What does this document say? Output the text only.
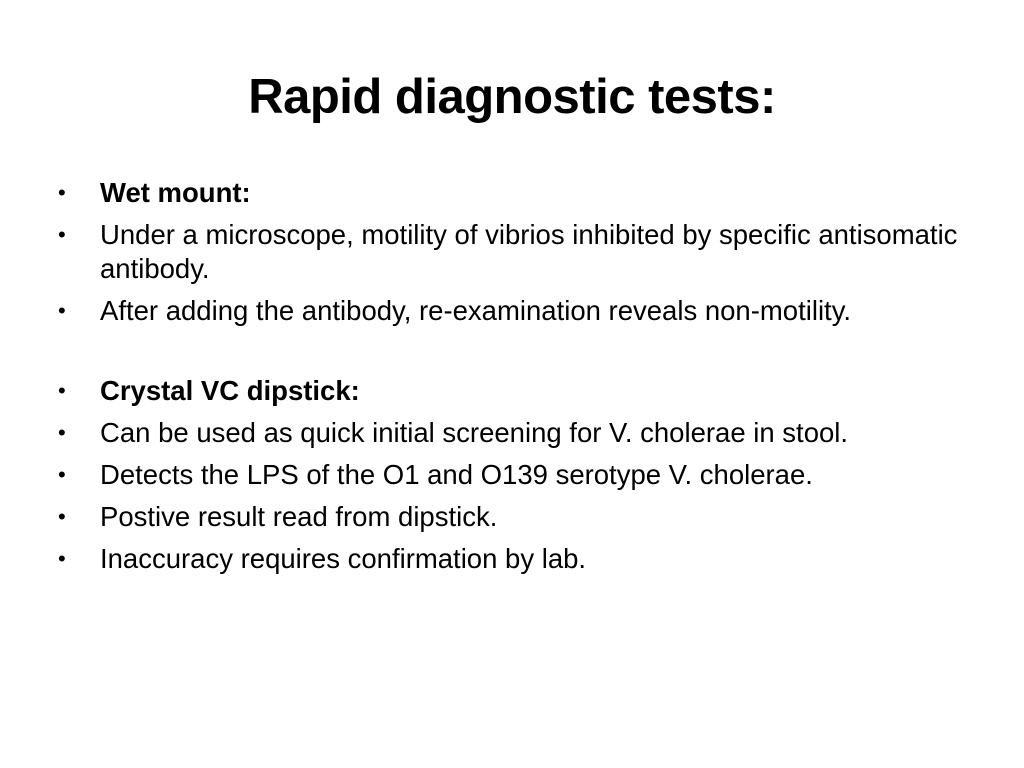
Rapid diagnostic tests:
•	Wet mount:
•	Under a microscope, motility of vibrios inhibited by specific antisomatic antibody.
•	After adding the antibody, re-examination reveals non-motility.
•	Crystal VC dipstick:
•	Can be used as quick initial screening for V. cholerae in stool.
•	Detects the LPS of the O1 and O139 serotype V. cholerae.
•	Postive result read from dipstick.
•	Inaccuracy requires confirmation by lab.
